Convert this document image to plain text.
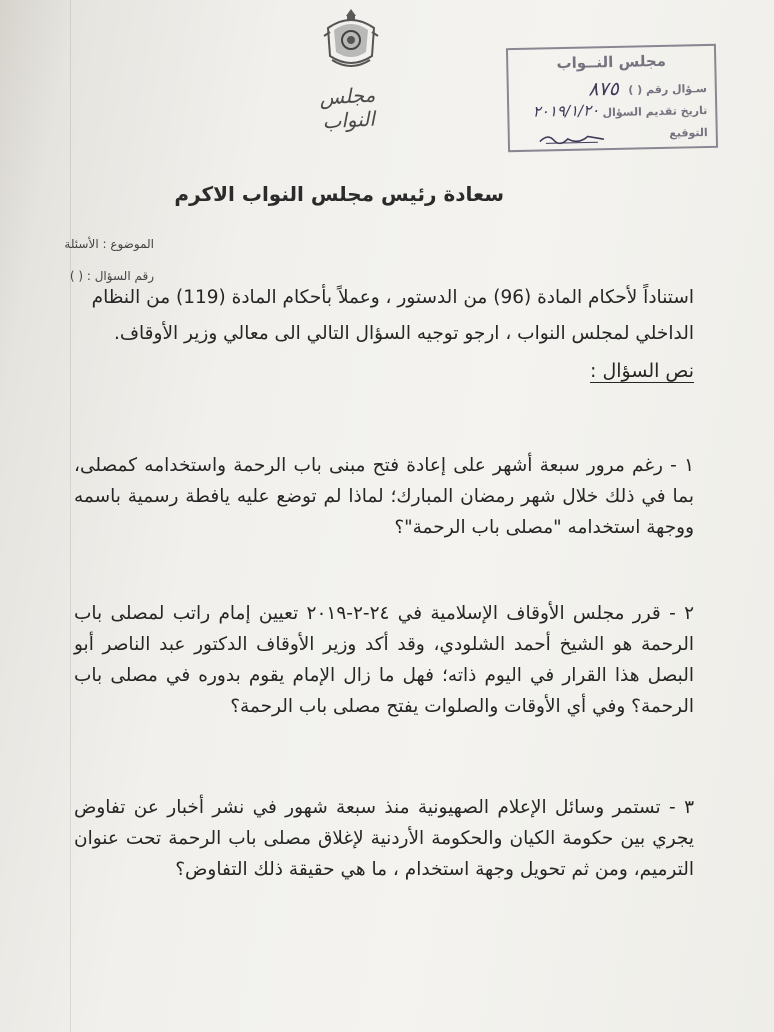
مجلس النواب
مجلس النــواب
سـؤال رقم ( )
٨٧٥
تاريخ تقديم السؤال
٢٠١٩/١/٢٠
التوقيع
سعادة رئيس مجلس النواب الاكرم
الموضوع : الأسئلة
رقم السؤال : ( )
استناداً لأحكام المادة (96) من الدستور ، وعملاً بأحكام المادة (119) من النظام
الداخلي لمجلس النواب ، ارجو توجيه السؤال التالي الى معالي وزير الأوقاف.
نص السؤال :
١ - رغم مرور سبعة أشهر على إعادة فتح مبنى باب الرحمة واستخدامه كمصلى، بما في ذلك خلال شهر رمضان المبارك؛ لماذا لم توضع عليه يافطة رسمية باسمه ووجهة استخدامه "مصلى باب الرحمة"؟
٢ - قرر مجلس الأوقاف الإسلامية في ٢٤-٢-٢٠١٩ تعيين إمام راتب لمصلى باب الرحمة هو الشيخ أحمد الشلودي، وقد أكد وزير الأوقاف الدكتور عبد الناصر أبو البصل هذا القرار في اليوم ذاته؛ فهل ما زال الإمام يقوم بدوره في مصلى باب الرحمة؟ وفي أي الأوقات والصلوات يفتح مصلى باب الرحمة؟
٣ - تستمر وسائل الإعلام الصهيونية منذ سبعة شهور في نشر أخبار عن تفاوض يجري بين حكومة الكيان والحكومة الأردنية لإغلاق مصلى باب الرحمة تحت عنوان الترميم، ومن ثم تحويل وجهة استخدام ، ما هي حقيقة ذلك التفاوض؟
